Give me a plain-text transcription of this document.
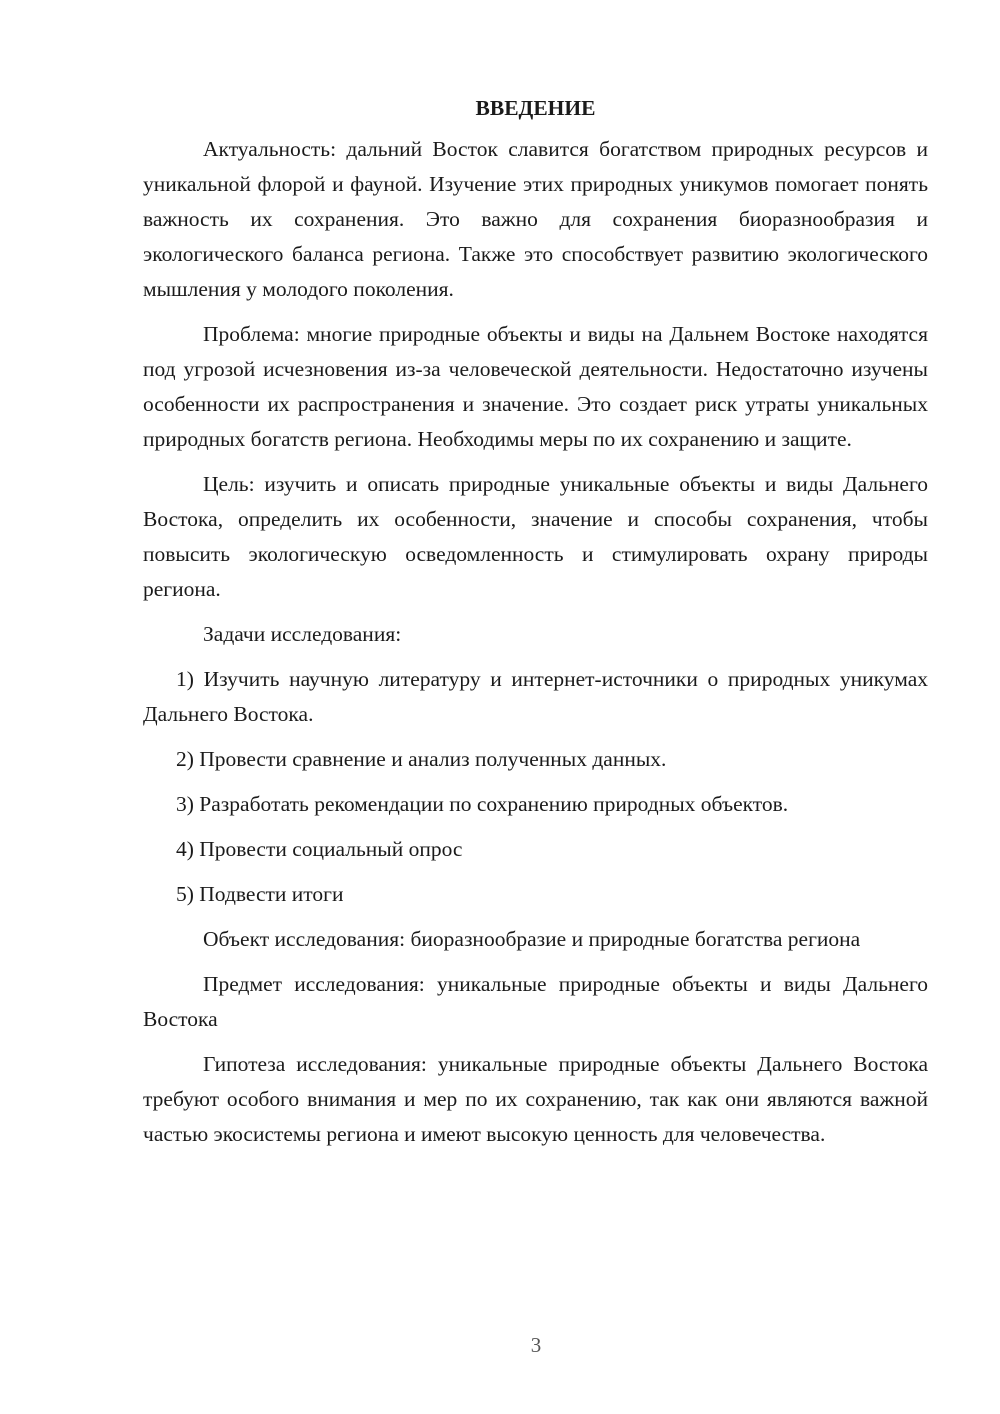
ВВЕДЕНИЕ

Актуальность: дальний Восток славится богатством природных ресурсов и уникальной флорой и фауной. Изучение этих природных уникумов помогает понять важность их сохранения. Это важно для сохранения биоразнообразия и экологического баланса региона. Также это способствует развитию экологического мышления у молодого поколения.

Проблема: многие природные объекты и виды на Дальнем Востоке находятся под угрозой исчезновения из-за человеческой деятельности. Недостаточно изучены особенности их распространения и значение. Это создает риск утраты уникальных природных богатств региона. Необходимы меры по их сохранению и защите.

Цель: изучить и описать природные уникальные объекты и виды Дальнего Востока, определить их особенности, значение и способы сохранения, чтобы повысить экологическую осведомленность и стимулировать охрану природы региона.

Задачи исследования:

1) Изучить научную литературу и интернет-источники о природных уникумах Дальнего Востока.

2) Провести сравнение и анализ полученных данных.

3) Разработать рекомендации по сохранению природных объектов.

4) Провести социальный опрос

5) Подвести итоги

Объект исследования: биоразнообразие и природные богатства региона

Предмет исследования: уникальные природные объекты и виды Дальнего Востока

Гипотеза исследования: уникальные природные объекты Дальнего Востока требуют особого внимания и мер по их сохранению, так как они являются важной частью экосистемы региона и имеют высокую ценность для человечества.

3
